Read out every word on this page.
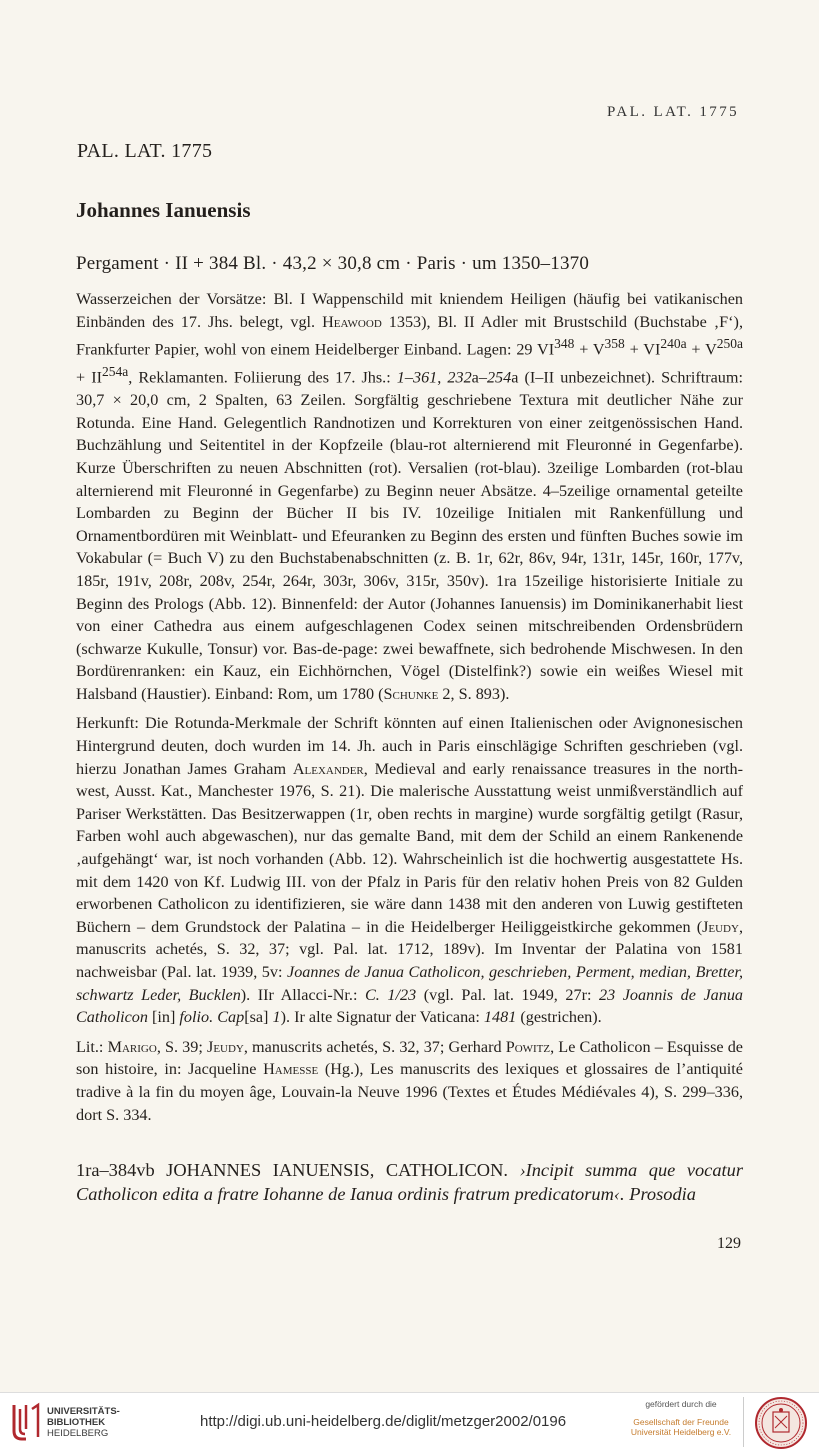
PAL. LAT. 1775
PAL. LAT. 1775
Johannes Ianuensis
Pergament · II + 384 Bl. · 43,2 × 30,8 cm · Paris · um 1350–1370

Wasserzeichen der Vorsätze: Bl. I Wappenschild mit kniendem Heiligen (häufig bei vatikanischen Einbänden des 17. Jhs. belegt, vgl. Heawood 1353), Bl. II Adler mit Brustschild (Buchstabe ‚F‘), Frankfurter Papier, wohl von einem Heidelberger Einband. Lagen: 29 $VI^{348} + V^{358} + VI^{240a} + V^{250a} + II^{254a}$, Reklamanten. Foliierung des 17. Jhs.: 1–361, 232a–254a (I–II unbezeichnet). Schriftraum: 30,7 × 20,0 cm, 2 Spalten, 63 Zeilen. Sorgfältig geschriebene Textura mit deutlicher Nähe zur Rotunda. Eine Hand. Gelegentlich Randnotizen und Korrekturen von einer zeitgenössischen Hand. Buchzählung und Seitentitel in der Kopfzeile (blau-rot alternierend mit Fleuronné in Gegenfarbe). Kurze Überschriften zu neuen Abschnitten (rot). Versalien (rot-blau). 3zeilige Lombarden (rot-blau alternierend mit Fleuronné in Gegenfarbe) zu Beginn neuer Absätze. 4–5zeilige ornamental geteilte Lombarden zu Beginn der Bücher II bis IV. 10zeilige Initialen mit Rankenfüllung und Ornamentbordüren mit Weinblatt- und Efeuranken zu Beginn des ersten und fünften Buches sowie im Vokabular (= Buch V) zu den Buchstabenabschnitten (z. B. 1r, 62r, 86v, 94r, 131r, 145r, 160r, 177v, 185r, 191v, 208r, 208v, 254r, 264r, 303r, 306v, 315r, 350v). 1ra 15zeilige historisierte Initiale zu Beginn des Prologs (Abb. 12). Binnenfeld: der Autor (Johannes Ianuensis) im Dominikanerhabit liest von einer Cathedra aus einem aufgeschlagenen Codex seinen mitschreibenden Ordensbrüdern (schwarze Kukulle, Tonsur) vor. Bas-de-page: zwei bewaffnete, sich bedrohende Mischwesen. In den Bordürenranken: ein Kauz, ein Eichhörnchen, Vögel (Distelfink?) sowie ein weißes Wiesel mit Halsband (Haustier). Einband: Rom, um 1780 (Schunke 2, S. 893).

Herkunft: Die Rotunda-Merkmale der Schrift könnten auf einen Italienischen oder Avignonesischen Hintergrund deuten, doch wurden im 14. Jh. auch in Paris einschlägige Schriften geschrieben (vgl. hierzu Jonathan James Graham Alexander, Medieval and early renaissance treasures in the north-west, Ausst. Kat., Manchester 1976, S. 21). Die malerische Ausstattung weist unmißverständlich auf Pariser Werkstätten. Das Besitzerwappen (1r, oben rechts in marginе) wurde sorgfältig getilgt (Rasur, Farben wohl auch abgewaschen), nur das gemalte Band, mit dem der Schild an einem Rankenende ‚aufgehängt‘ war, ist noch vorhanden (Abb. 12). Wahrscheinlich ist die hochwertig ausgestattete Hs. mit dem 1420 von Kf. Ludwig III. von der Pfalz in Paris für den relativ hohen Preis von 82 Gulden erworbenen Catholicon zu identifizieren, sie wäre dann 1438 mit den anderen von Luwig gestifteten Büchern – dem Grundstock der Palatina – in die Heidelberger Heiliggeistkirche gekommen (Jeudy, manuscrits achetés, S. 32, 37; vgl. Pal. lat. 1712, 189v). Im Inventar der Palatina von 1581 nachweisbar (Pal. lat. 1939, 5v: Joannes de Janua Catholicon, geschrieben, Perment, median, Bretter, schwartz Leder, Bucklen). IIr Allacci-Nr.: C. 1/23 (vgl. Pal. lat. 1949, 27r: 23 Joannis de Janua Catholicon [in] folio. Cap[sa] 1). Ir alte Signatur der Vaticana: 1481 (gestrichen).

Lit.: Marigo, S. 39; Jeudy, manuscrits achetés, S. 32, 37; Gerhard Powitz, Le Catholicon – Esquisse de son histoire, in: Jacqueline Hamesse (Hg.), Les manuscrits des lexiques et glossaires de l’antiquité tradive à la fin du moyen âge, Louvain-la Neuve 1996 (Textes et Études Médiévales 4), S. 299–336, dort S. 334.

1ra–384vb JOHANNES IANUENSIS, CATHOLICON. ›Incipit summa que vocatur Catholicon edita a fratre Iohanne de Ianua ordinis fratrum predicatorum‹. Prosodia
129
UNIVERSITÄTS-
BIBLIOTHEK
HEIDELBERG
http://digi.ub.uni-heidelberg.de/diglit/metzger2002/0196
gefördert durch die
Gesellschaft der Freunde
Universität Heidelberg e.V.
